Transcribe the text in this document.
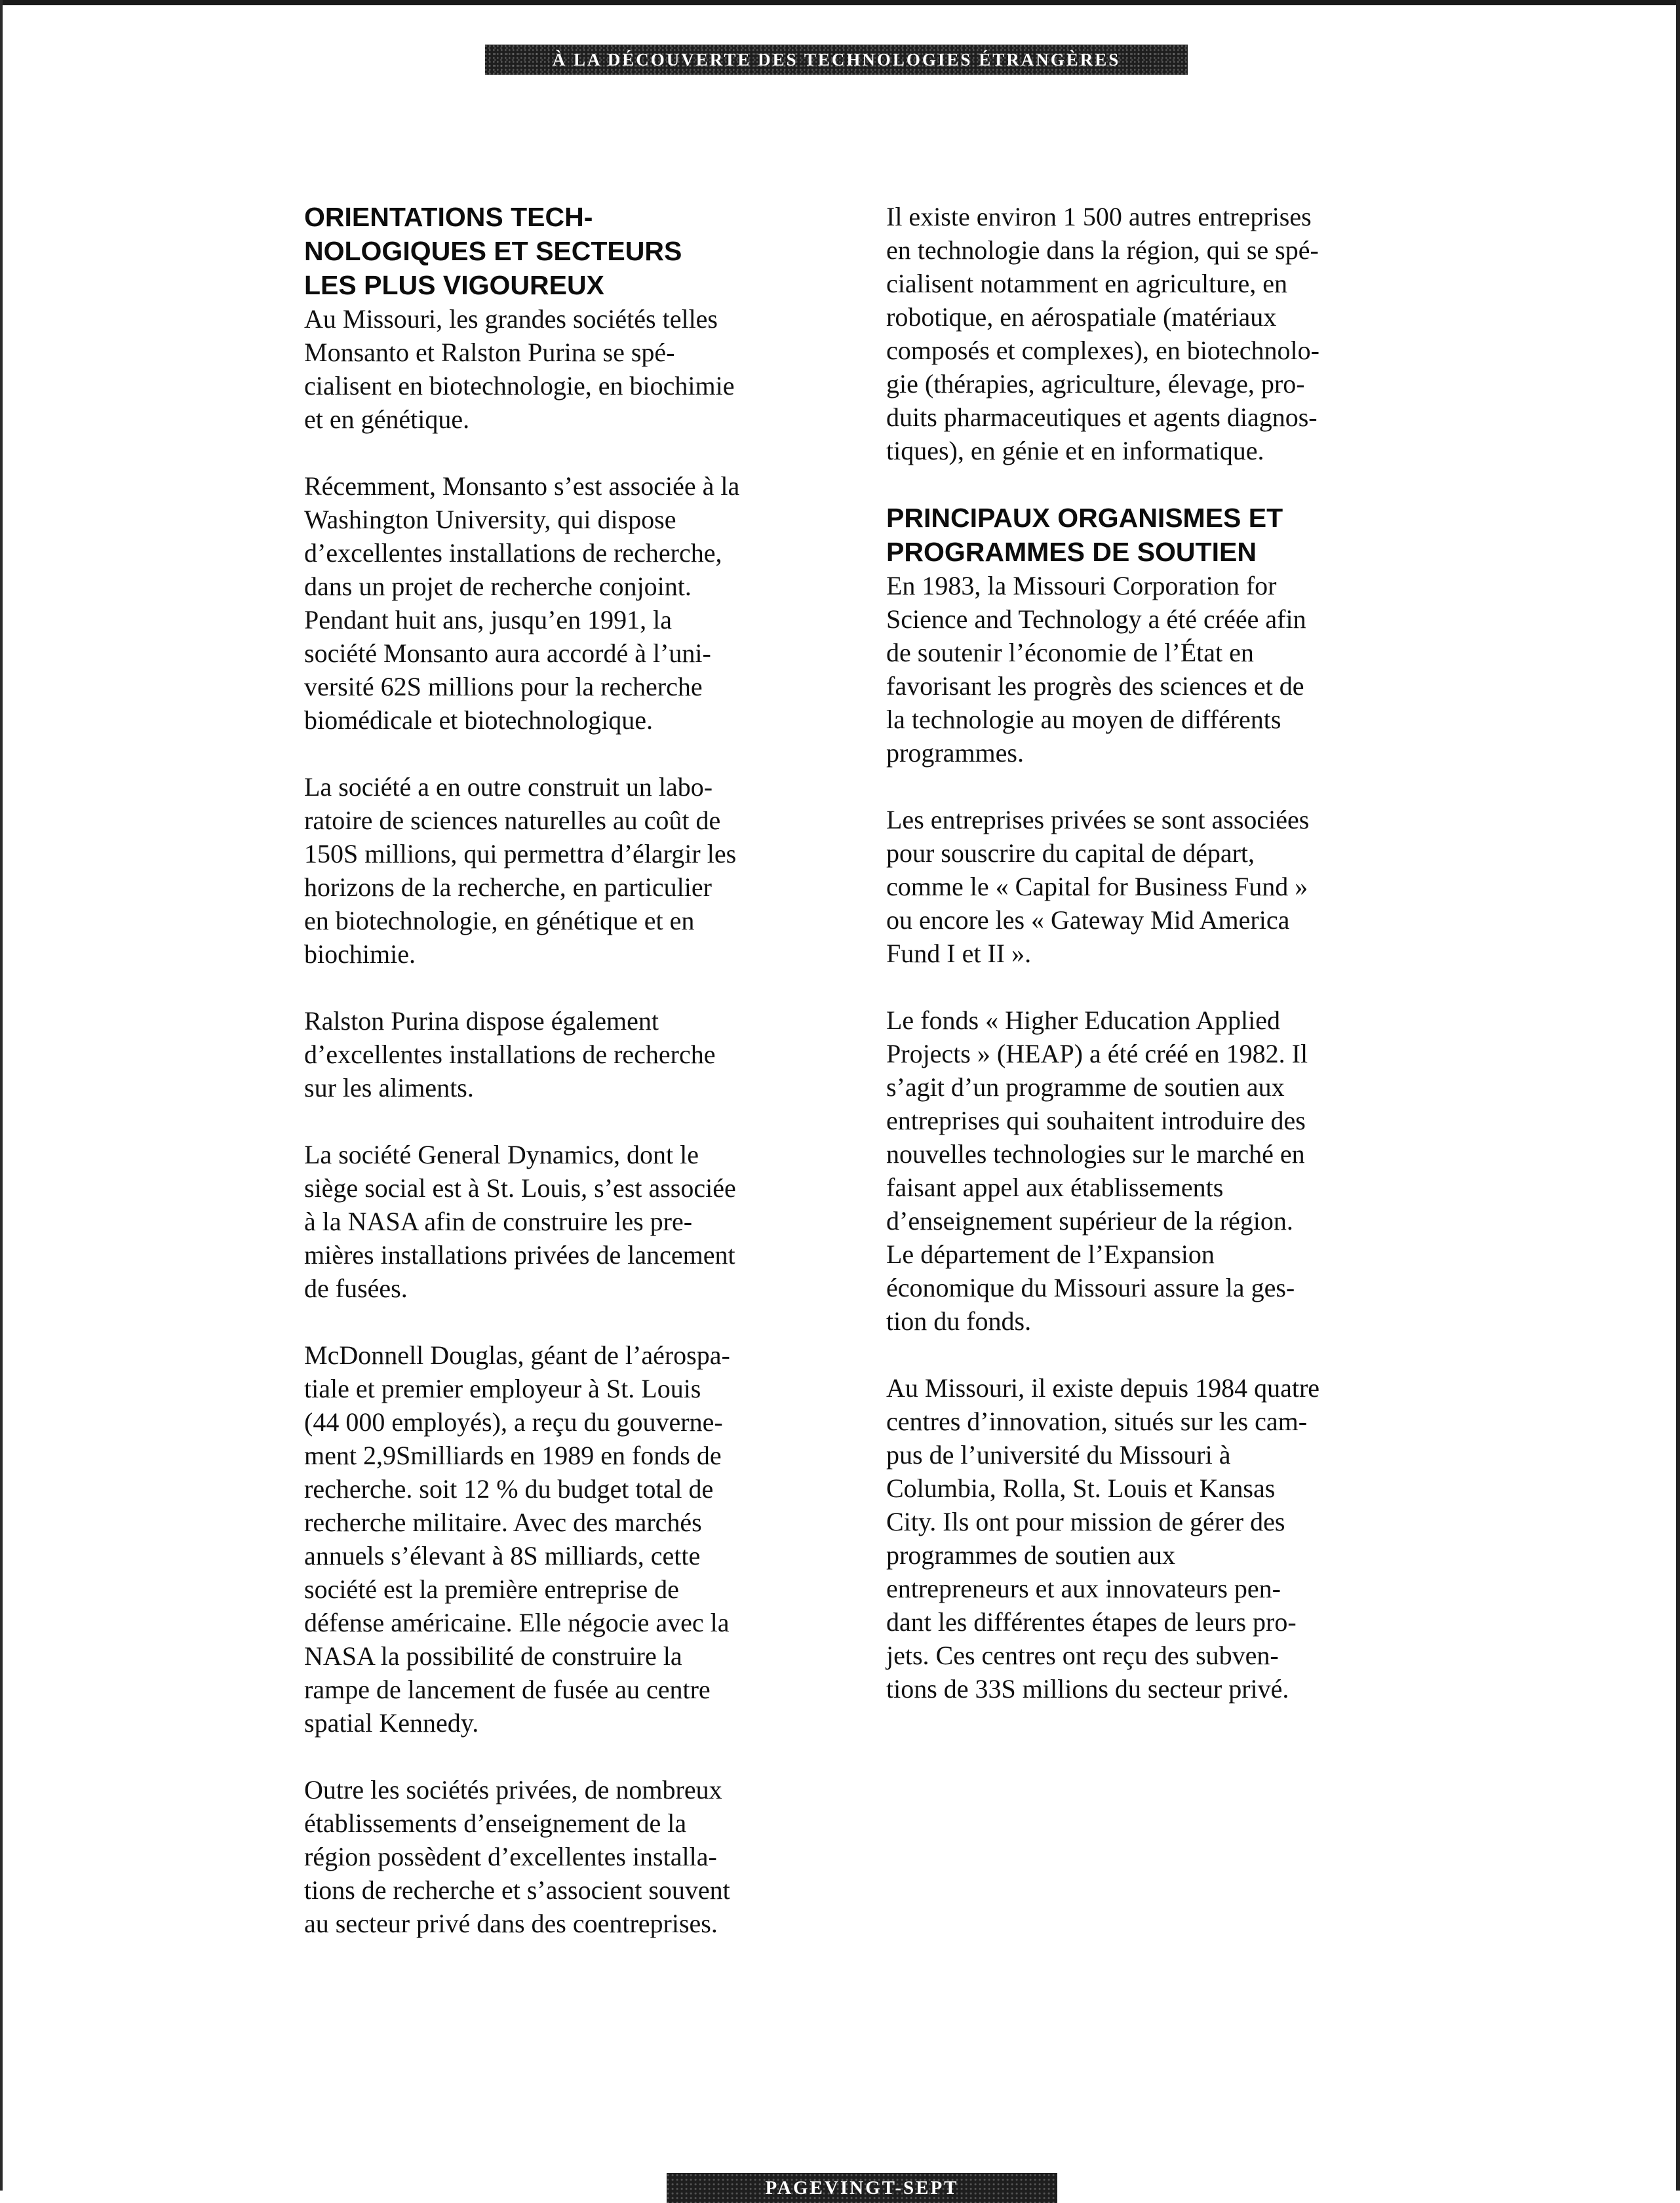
À LA DÉCOUVERTE DES TECHNOLOGIES ÉTRANGÈRES
ORIENTATIONS TECH-
NOLOGIQUES ET SECTEURS
LES PLUS VIGOUREUX

Au Missouri, les grandes sociétés telles
Monsanto et Ralston Purina se spé-
cialisent en biotechnologie, en biochimie
et en génétique.

Récemment, Monsanto s’est associée à la
Washington University, qui dispose
d’excellentes installations de recherche,
dans un projet de recherche conjoint.
Pendant huit ans, jusqu’en 1991, la
société Monsanto aura accordé à l’uni-
versité 62S millions pour la recherche
biomédicale et biotechnologique.

La société a en outre construit un labo-
ratoire de sciences naturelles au coût de
150S millions, qui permettra d’élargir les
horizons de la recherche, en particulier
en biotechnologie, en génétique et en
biochimie.

Ralston Purina dispose également
d’excellentes installations de recherche
sur les aliments.

La société General Dynamics, dont le
siège social est à St. Louis, s’est associée
à la NASA afin de construire les pre-
mières installations privées de lancement
de fusées.

McDonnell Douglas, géant de l’aérospa-
tiale et premier employeur à St. Louis
(44 000 employés), a reçu du gouverne-
ment 2,9Smilliards en 1989 en fonds de
recherche. soit 12 % du budget total de
recherche militaire. Avec des marchés
annuels s’élevant à 8S milliards, cette
société est la première entreprise de
défense américaine. Elle négocie avec la
NASA la possibilité de construire la
rampe de lancement de fusée au centre
spatial Kennedy.

Outre les sociétés privées, de nombreux
établissements d’enseignement de la
région possèdent d’excellentes installa-
tions de recherche et s’associent souvent
au secteur privé dans des coentreprises.

Il existe environ 1 500 autres entreprises
en technologie dans la région, qui se spé-
cialisent notamment en agriculture, en
robotique, en aérospatiale (matériaux
composés et complexes), en biotechnolo-
gie (thérapies, agriculture, élevage, pro-
duits pharmaceutiques et agents diagnos-
tiques), en génie et en informatique.

PRINCIPAUX ORGANISMES ET
PROGRAMMES DE SOUTIEN

En 1983, la Missouri Corporation for
Science and Technology a été créée afin
de soutenir l’économie de l’État en
favorisant les progrès des sciences et de
la technologie au moyen de différents
programmes.

Les entreprises privées se sont associées
pour souscrire du capital de départ,
comme le « Capital for Business Fund »
ou encore les « Gateway Mid America
Fund I et II ».

Le fonds « Higher Education Applied
Projects » (HEAP) a été créé en 1982. Il
s’agit d’un programme de soutien aux
entreprises qui souhaitent introduire des
nouvelles technologies sur le marché en
faisant appel aux établissements
d’enseignement supérieur de la région.
Le département de l’Expansion
économique du Missouri assure la ges-
tion du fonds.

Au Missouri, il existe depuis 1984 quatre
centres d’innovation, situés sur les cam-
pus de l’université du Missouri à
Columbia, Rolla, St. Louis et Kansas
City. Ils ont pour mission de gérer des
programmes de soutien aux
entrepreneurs et aux innovateurs pen-
dant les différentes étapes de leurs pro-
jets. Ces centres ont reçu des subven-
tions de 33S millions du secteur privé.

PAGEVINGT-SEPT
